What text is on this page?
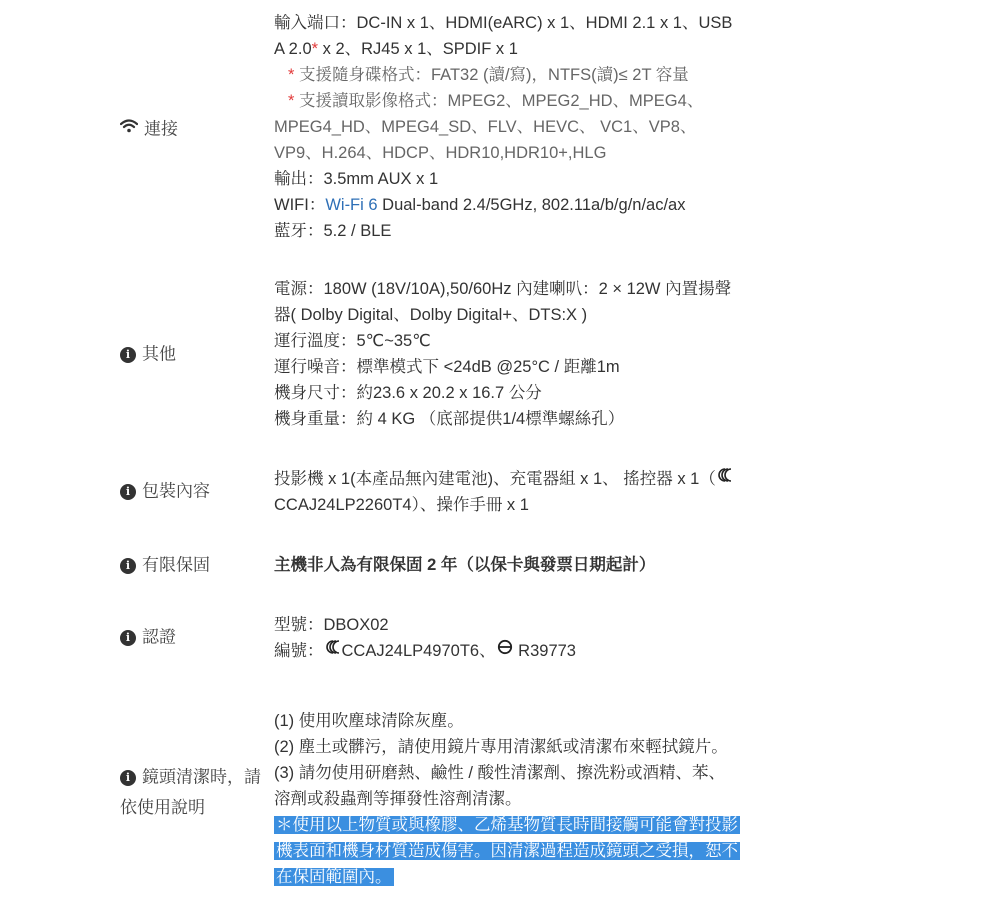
連接
輸入端口：DC-IN x 1、HDMI(eARC) x 1、HDMI 2.1 x 1、USB
A 2.0* x 2、RJ45 x 1、SPDIF x 1
* 支援隨身碟格式：FAT32 (讀/寫)，NTFS(讀)≤ 2T 容量
* 支援讀取影像格式：MPEG2、MPEG2_HD、MPEG4、
MPEG4_HD、MPEG4_SD、FLV、HEVC、 VC1、VP8、
VP9、H.264、HDCP、HDR10,HDR10+,HLG
輸出：3.5mm AUX x 1
WIFI：Wi-Fi 6 Dual-band 2.4/5GHz, 802.11a/b/g/n/ac/ax
藍牙：5.2 / BLE
i 其他
電源：180W (18V/10A),50/60Hz 內建喇叭：2 × 12W 內置揚聲
器( Dolby Digital、Dolby Digital+、DTS:X )
運行溫度：5℃~35℃
運行噪音：標準模式下 <24dB @25°C / 距離1m
機身尺寸：約23.6 x 20.2 x 16.7 公分
機身重量：約 4 KG （底部提供1/4標準螺絲孔）
i 包裝內容
投影機 x 1(本產品無內建電池)、充電器組 x 1、 搖控器 x 1（
CCAJ24LP2260T4）、操作手冊 x 1
i 有限保固	主機非人為有限保固 2 年（以保卡與發票日期起計）
i 認證
型號：DBOX02
編號： CCAJ24LP4970T6、 R39773
i 鏡頭清潔時，請
依使用說明
(1) 使用吹塵球清除灰塵。
(2) 塵土或髒污，請使用鏡片專用清潔紙或清潔布來輕拭鏡片。
(3) 請勿使用研磨熱、鹼性 / 酸性清潔劑、擦洗粉或酒精、苯、
溶劑或殺蟲劑等揮發性溶劑清潔。
＊使用以上物質或與橡膠、乙烯基物質長時間接觸可能會對投影
機表面和機身材質造成傷害。因清潔過程造成鏡頭之受損，恕不
在保固範圍內。
